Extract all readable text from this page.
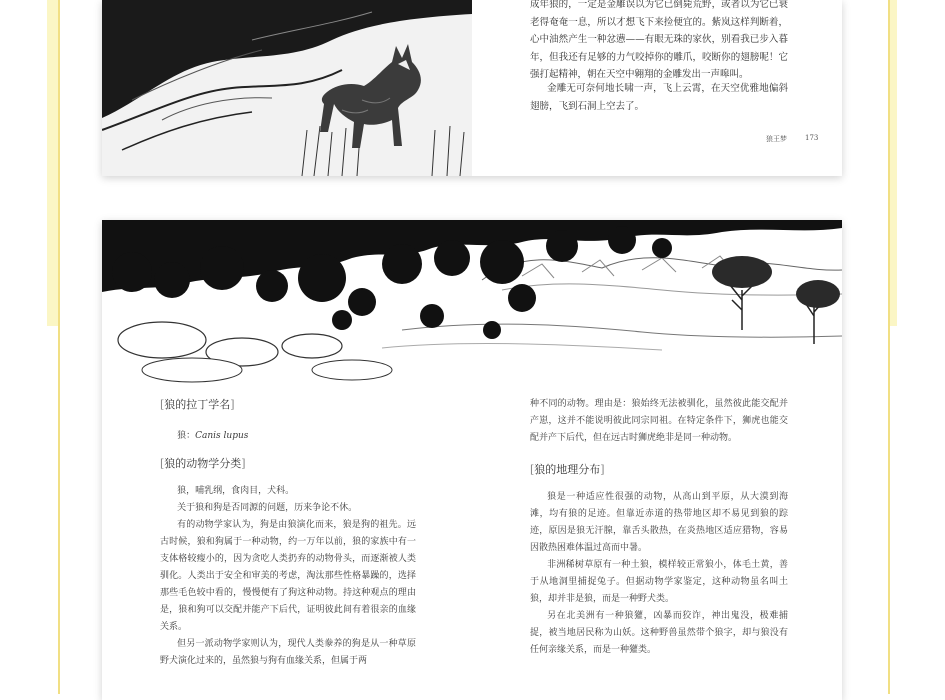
成年狼的，一定是金雕误以为它已倒毙荒野，或者以为它已衰老得奄奄一息，所以才想飞下来捡便宜的。紫岚这样判断着，心中油然产生一种忿懑——有眼无珠的家伙，别看我已步入暮年，但我还有足够的力气咬掉你的雕爪，咬断你的翅膀呢！它强打起精神，朝在天空中翱翔的金雕发出一声嗥叫。

金雕无可奈何地长啸一声，飞上云霄，在天空优雅地偏斜翅膀，飞到石洞上空去了。

狼王梦	173

[狼的拉丁学名]

狼：Canis lupus

[狼的动物学分类]

狼，哺乳纲，食肉目，犬科。

关于狼和狗是否同源的问题，历来争论不休。

有的动物学家认为，狗是由狼演化而来，狼是狗的祖先。远古时候，狼和狗属于一种动物，约一万年以前，狼的家族中有一支体格较瘦小的，因为贪吃人类扔弃的动物骨头，而逐渐被人类驯化。人类出于安全和审美的考虑，淘汰那些性格暴躁的，选择那些毛色较中看的，慢慢便有了狗这种动物。持这种观点的理由是，狼和狗可以交配并能产下后代，证明彼此间有着很亲的血缘关系。

但另一派动物学家则认为，现代人类豢养的狗是从一种草原野犬演化过来的，虽然狼与狗有血缘关系，但属于两

种不同的动物。理由是：狼始终无法被驯化，虽然彼此能交配并产崽，这并不能说明彼此同宗同祖。在特定条件下，狮虎也能交配并产下后代，但在远古时狮虎绝非是同一种动物。

[狼的地理分布]

狼是一种适应性很强的动物，从高山到平原，从大漠到海滩，均有狼的足迹。但靠近赤道的热带地区却不易见到狼的踪迹，原因是狼无汗腺，靠舌头散热，在炎热地区适应猎物，容易因散热困难体温过高而中暑。

非洲稀树草原有一种土狼，模样较正常狼小，体毛土黄，善于从地洞里捕捉兔子。但据动物学家鉴定，这种动物虽名叫土狼，却并非是狼，而是一种野犬类。

另在北美洲有一种狼獾，凶暴而狡诈，神出鬼没，极难捕捉，被当地居民称为山妖。这种野兽虽然带个狼字，却与狼没有任何亲缘关系，而是一种獾类。
